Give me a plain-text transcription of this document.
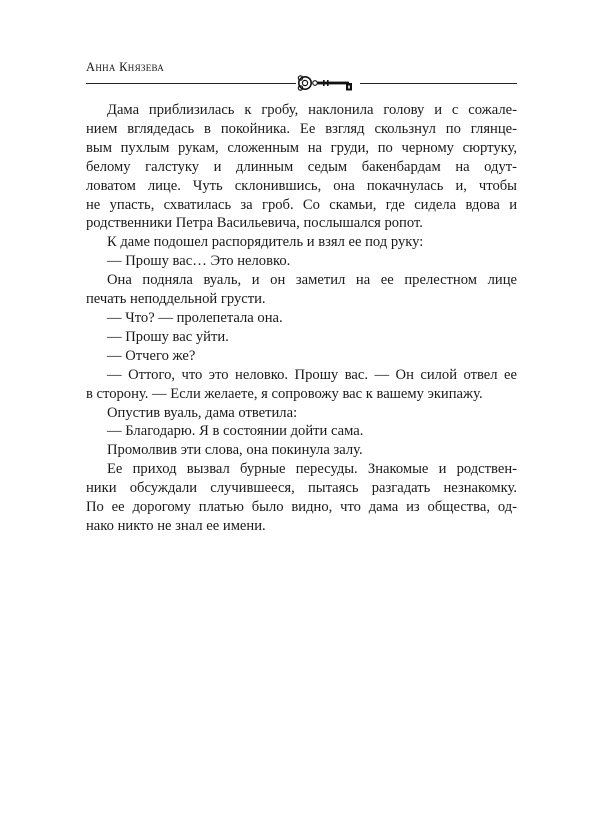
Анна Князева
Дама приблизилась к гробу, наклонила голову и с сожале-
нием вглядедась в покойника. Ее взгляд скользнул по глянце-
вым пухлым рукам, сложенным на груди, по черному сюртуку,
белому галстуку и длинным седым бакенбардам на одут-
ловатом лице. Чуть склонившись, она покачнулась и, чтобы
не упасть, схватилась за гроб. Со скамьи, где сидела вдова и
родственники Петра Васильевича, послышался ропот.
К даме подошел распорядитель и взял ее под руку:
— Прошу вас… Это неловко.
Она подняла вуаль, и он заметил на ее прелестном лице
печать неподдельной грусти.
— Что? — пролепетала она.
— Прошу вас уйти.
— Отчего же?
— Оттого, что это неловко. Прошу вас. — Он силой отвел ее
в сторону. — Если желаете, я сопровожу вас к вашему экипажу.
Опустив вуаль, дама ответила:
— Благодарю. Я в состоянии дойти сама.
Промолвив эти слова, она покинула залу.
Ее приход вызвал бурные пересуды. Знакомые и родствен-
ники обсуждали случившееся, пытаясь разгадать незнакомку.
По ее дорогому платью было видно, что дама из общества, од-
нако никто не знал ее имени.
